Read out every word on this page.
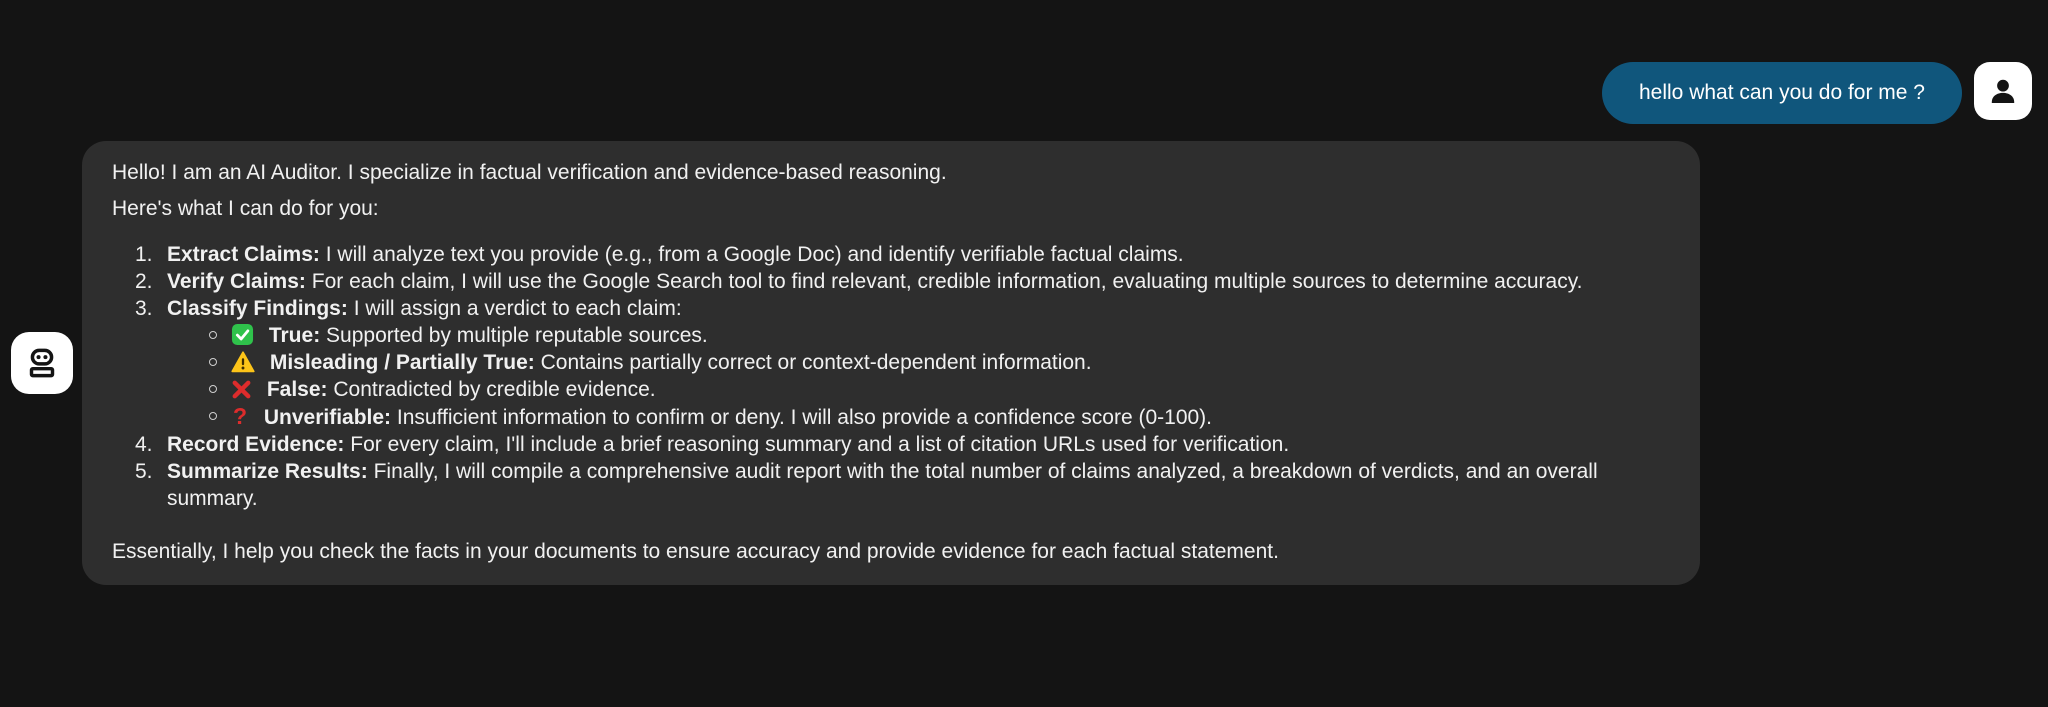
hello what can you do for me ?

Hello! I am an AI Auditor. I specialize in factual verification and evidence-based reasoning.

Here's what I can do for you:

1. Extract Claims: I will analyze text you provide (e.g., from a Google Doc) and identify verifiable factual claims.
2. Verify Claims: For each claim, I will use the Google Search tool to find relevant, credible information, evaluating multiple sources to determine accuracy.
3. Classify Findings: I will assign a verdict to each claim:
True: Supported by multiple reputable sources.
Misleading / Partially True: Contains partially correct or context-dependent information.
False: Contradicted by credible evidence.
? Unverifiable: Insufficient information to confirm or deny. I will also provide a confidence score (0-100).
4. Record Evidence: For every claim, I'll include a brief reasoning summary and a list of citation URLs used for verification.
5. Summarize Results: Finally, I will compile a comprehensive audit report with the total number of claims analyzed, a breakdown of verdicts, and an overall summary.

Essentially, I help you check the facts in your documents to ensure accuracy and provide evidence for each factual statement.
